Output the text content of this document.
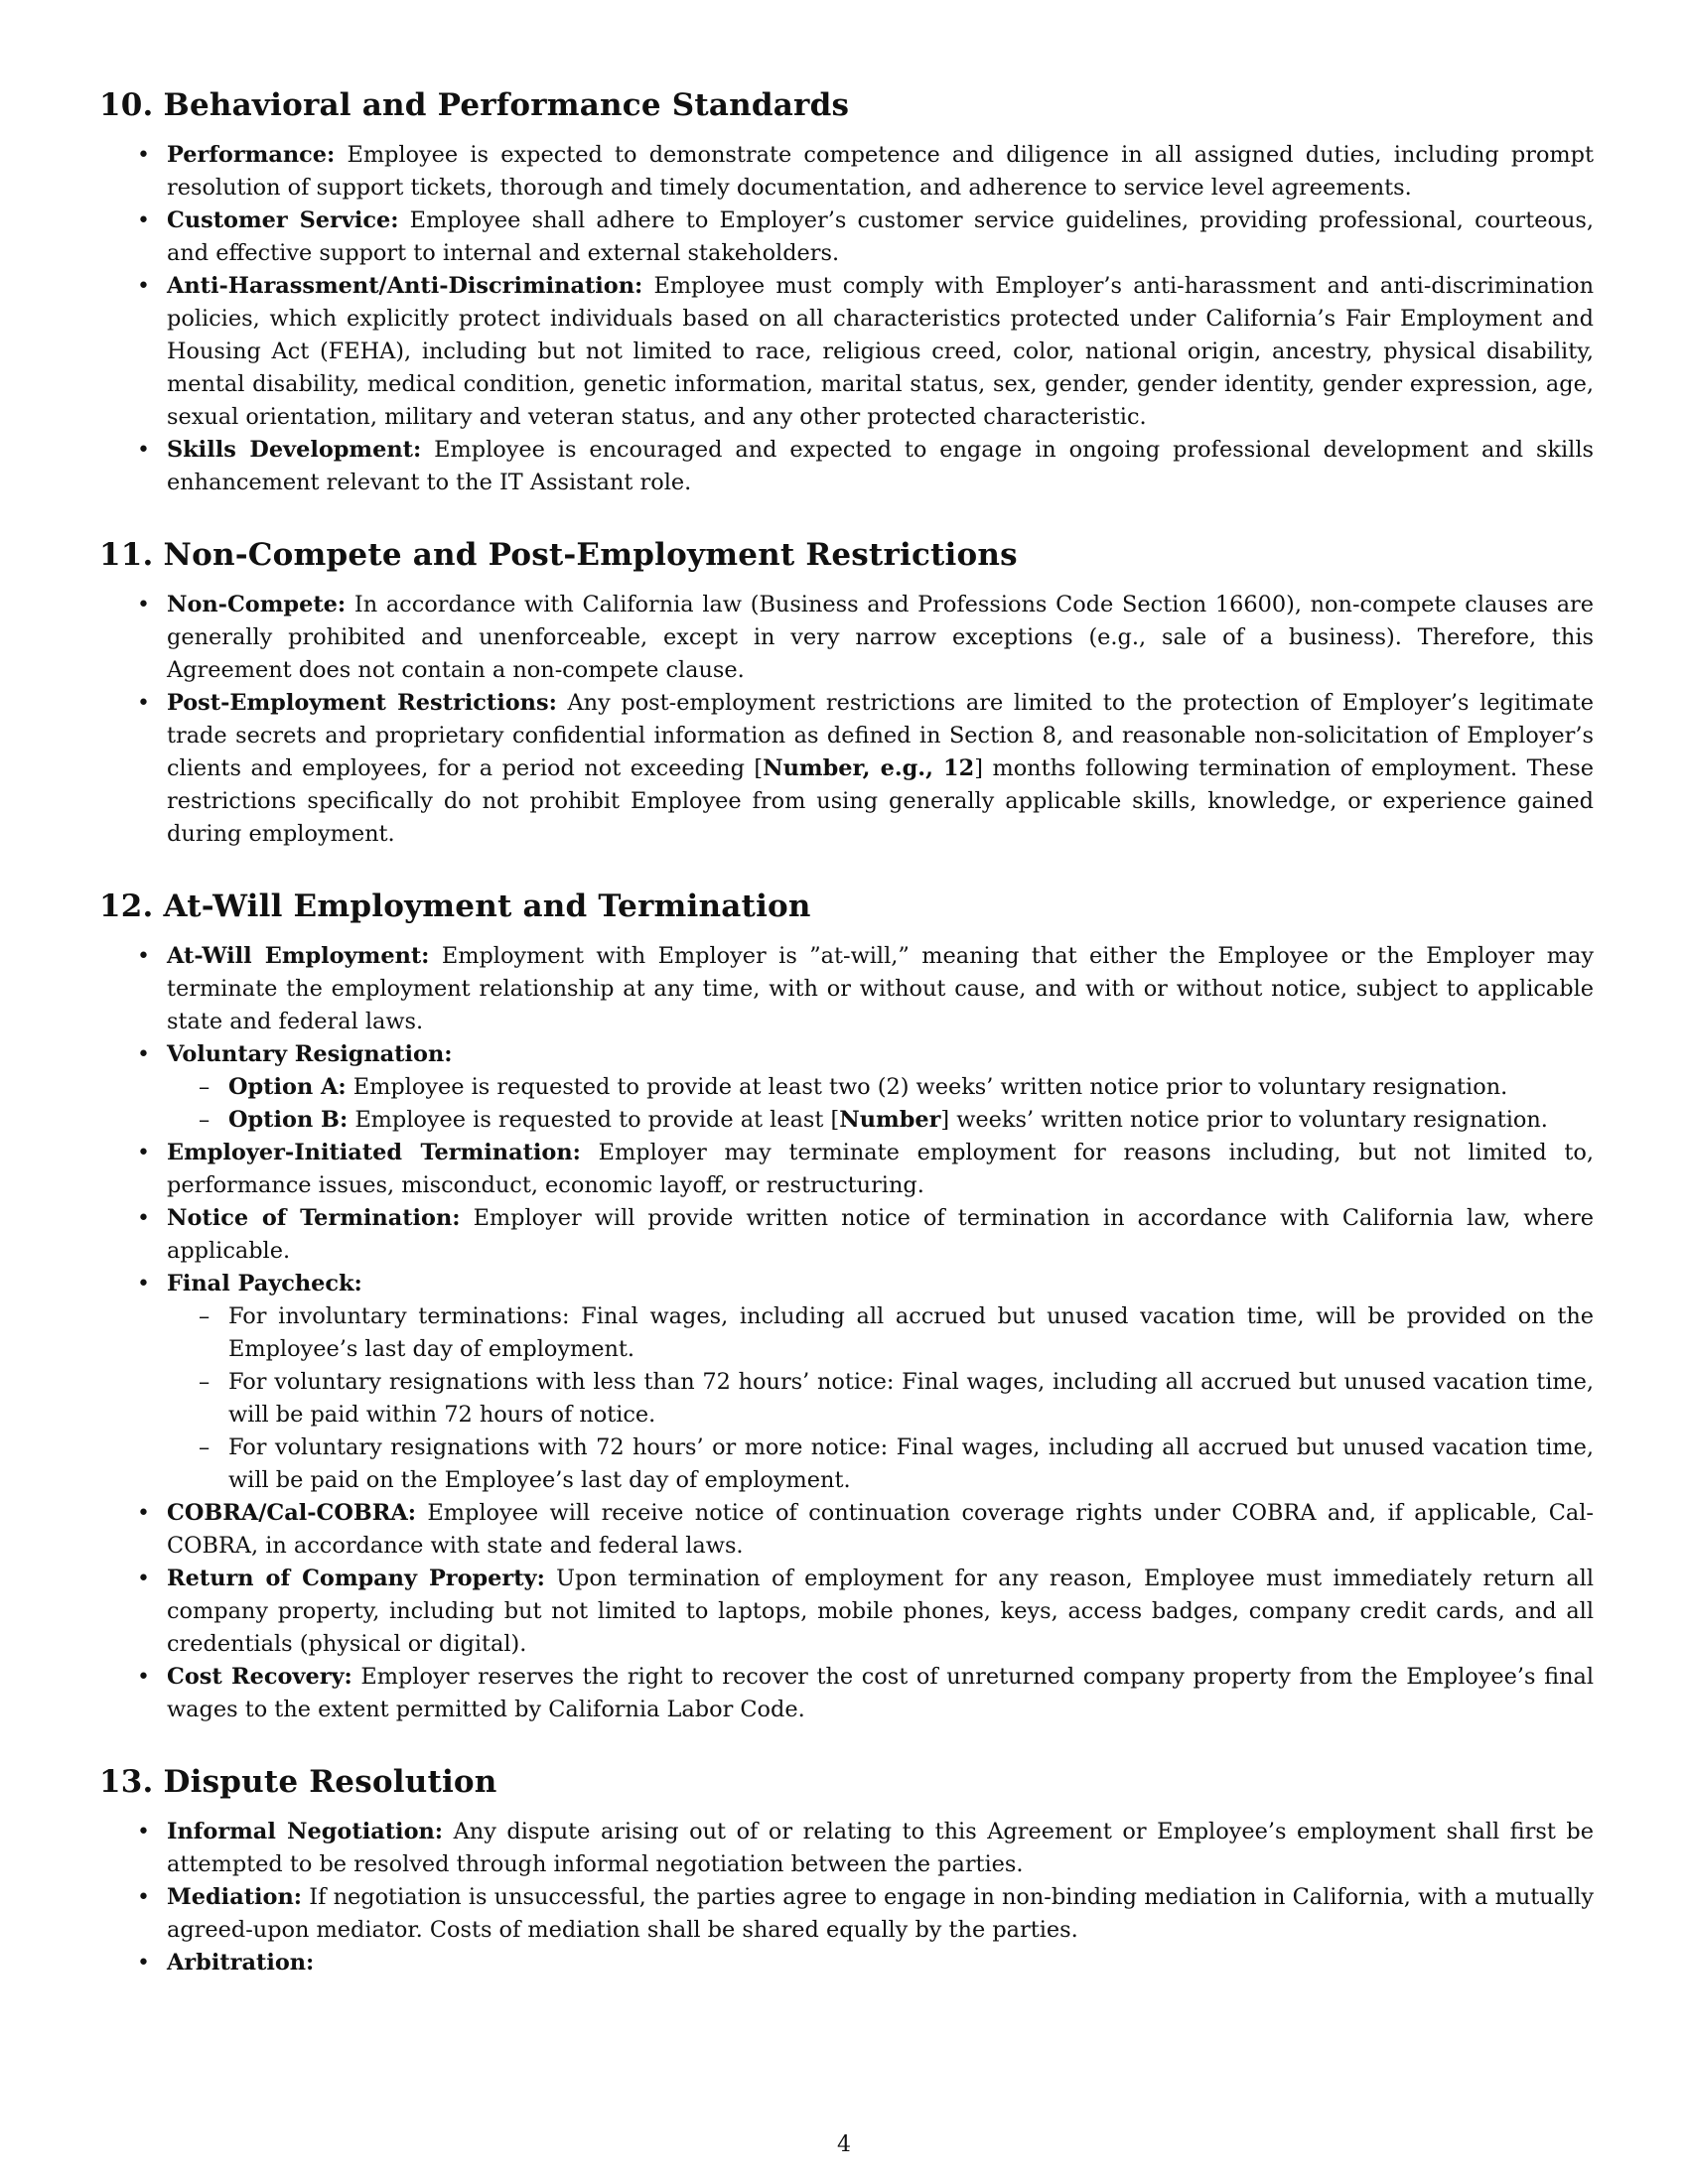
10. Behavioral and Performance Standards
• Performance: Employee is expected to demonstrate competence and diligence in all assigned duties, including prompt resolution of support tickets, thorough and timely documentation, and adherence to service level agreements.
• Customer Service: Employee shall adhere to Employer’s customer service guidelines, providing professional, courteous, and effective support to internal and external stakeholders.
• Anti-Harassment/Anti-Discrimination: Employee must comply with Employer’s anti-harassment and anti-discrimination policies, which explicitly protect individuals based on all characteristics protected under California’s Fair Employment and Housing Act (FEHA), including but not limited to race, religious creed, color, national origin, ancestry, physical disability, mental disability, medical condition, genetic information, marital status, sex, gender, gender identity, gender expression, age, sexual orientation, military and veteran status, and any other protected characteristic.
• Skills Development: Employee is encouraged and expected to engage in ongoing professional development and skills enhancement relevant to the IT Assistant role.
11. Non-Compete and Post-Employment Restrictions
• Non-Compete: In accordance with California law (Business and Professions Code Section 16600), non-compete clauses are generally prohibited and unenforceable, except in very narrow exceptions (e.g., sale of a business). Therefore, this Agreement does not contain a non-compete clause.
• Post-Employment Restrictions: Any post-employment restrictions are limited to the protection of Employer’s legitimate trade secrets and proprietary confidential information as defined in Section 8, and reasonable non-solicitation of Employer’s clients and employees, for a period not exceeding [Number, e.g., 12] months following termination of employment. These restrictions specifically do not prohibit Employee from using generally applicable skills, knowledge, or experience gained during employment.
12. At-Will Employment and Termination
• At-Will Employment: Employment with Employer is ”at-will,” meaning that either the Employee or the Employer may terminate the employment relationship at any time, with or without cause, and with or without notice, subject to applicable state and federal laws.
• Voluntary Resignation:
– Option A: Employee is requested to provide at least two (2) weeks’ written notice prior to voluntary resignation.
– Option B: Employee is requested to provide at least [Number] weeks’ written notice prior to voluntary resignation.
• Employer-Initiated Termination: Employer may terminate employment for reasons including, but not limited to, performance issues, misconduct, economic layoff, or restructuring.
• Notice of Termination: Employer will provide written notice of termination in accordance with California law, where applicable.
• Final Paycheck:
– For involuntary terminations: Final wages, including all accrued but unused vacation time, will be provided on the Employee’s last day of employment.
– For voluntary resignations with less than 72 hours’ notice: Final wages, including all accrued but unused vacation time, will be paid within 72 hours of notice.
– For voluntary resignations with 72 hours’ or more notice: Final wages, including all accrued but unused vacation time, will be paid on the Employee’s last day of employment.
• COBRA/Cal-COBRA: Employee will receive notice of continuation coverage rights under COBRA and, if applicable, Cal-COBRA, in accordance with state and federal laws.
• Return of Company Property: Upon termination of employment for any reason, Employee must immediately return all company property, including but not limited to laptops, mobile phones, keys, access badges, company credit cards, and all credentials (physical or digital).
• Cost Recovery: Employer reserves the right to recover the cost of unreturned company property from the Employee’s final wages to the extent permitted by California Labor Code.
13. Dispute Resolution
• Informal Negotiation: Any dispute arising out of or relating to this Agreement or Employee’s employment shall first be attempted to be resolved through informal negotiation between the parties.
• Mediation: If negotiation is unsuccessful, the parties agree to engage in non-binding mediation in California, with a mutually agreed-upon mediator. Costs of mediation shall be shared equally by the parties.
• Arbitration:
4
